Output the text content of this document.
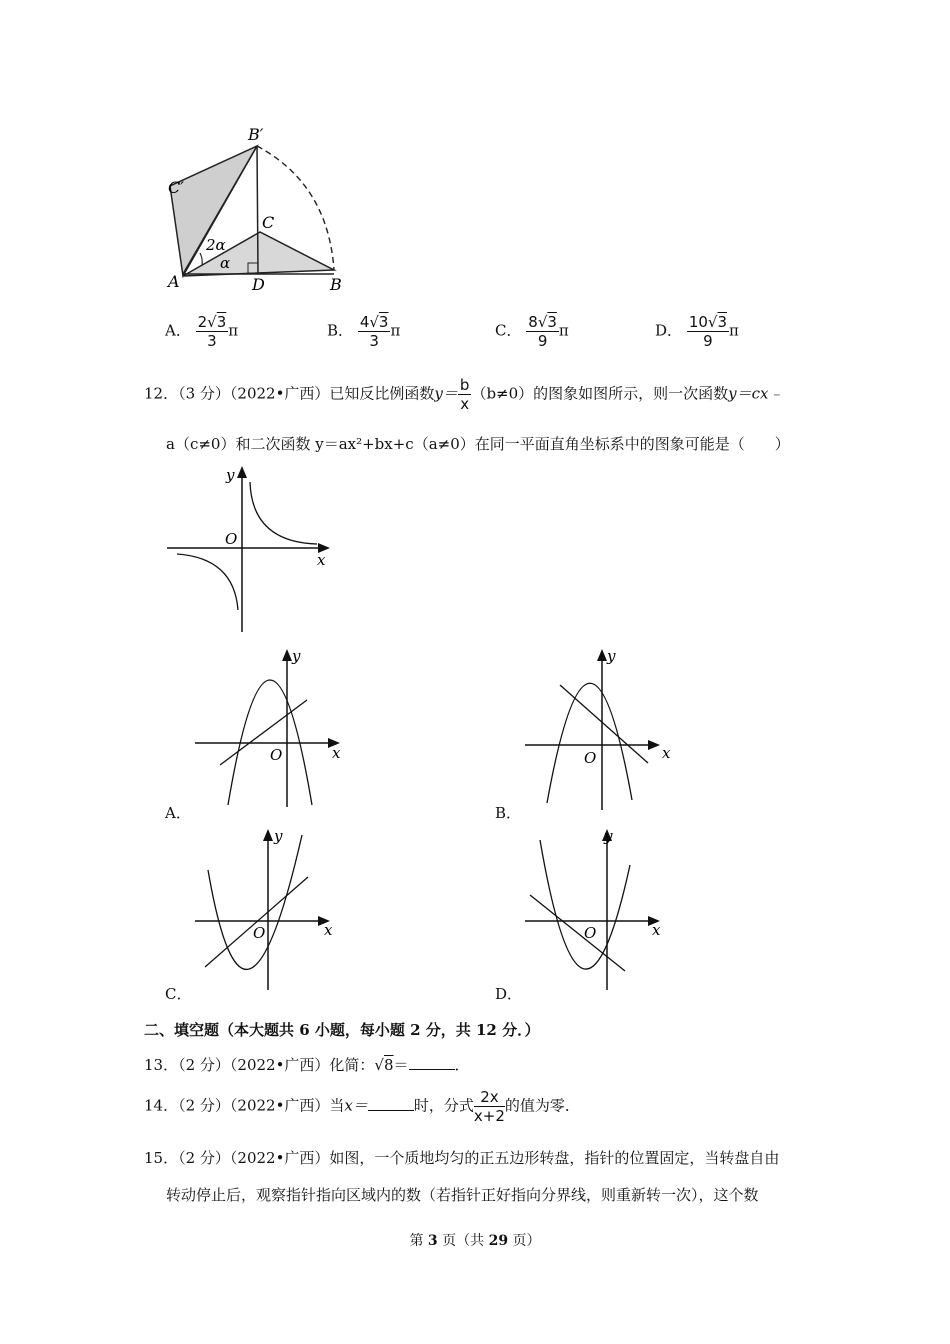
B′
C′
C
A	D	B
2α
α
A． $\frac{2√3}{3}$ π	B． $\frac{4√3}{3}$ π	C． $\frac{8√3}{9}$ π	D． $\frac{10√3}{9}$ π
12．（3 分）（2022•广西）已知反比例函数$y= \frac{b}{x} (b\ne 0)$的图象如图所示，则一次函数y＝cx﹣
a（c≠0）和二次函数 y＝ax²+bx+c（a≠0）在同一平面直角坐标系中的图象可能是（　　）
y
x
O
y
x
O
A．
y
x
O
B．
y
x
O
C．
y
x
O
D．
二、填空题（本大题共 6 小题，每小题 2 分，共 12 分．）
13．（2 分）（2022•广西）化简：√8＝	．
14．（2 分）（2022•广西）当x＝	时，分式 $\frac{2x}{x+2}$ 的值为零．
15．（2 分）（2022•广西）如图，一个质地均匀的正五边形转盘，指针的位置固定，当转盘自由
转动停止后，观察指针指向区域内的数（若指针正好指向分界线，则重新转一次），这个数
第 3 页（共 29 页）
